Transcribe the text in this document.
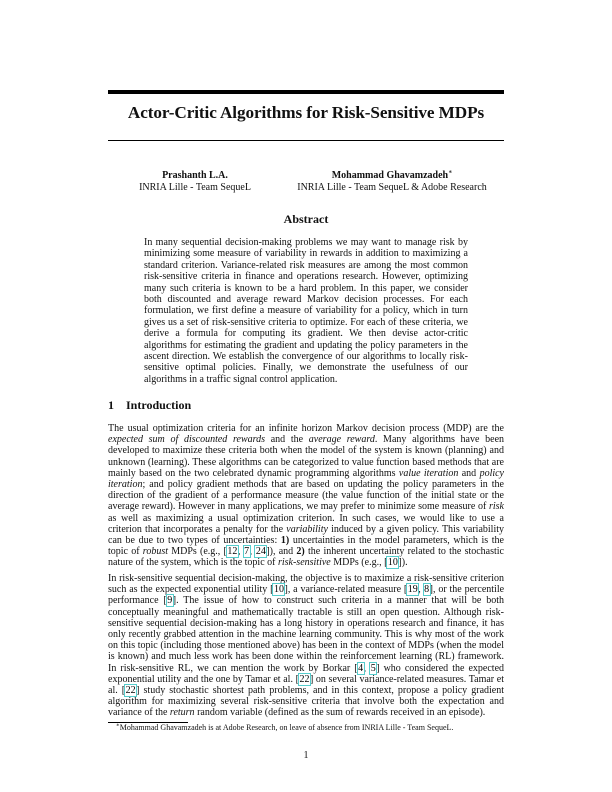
Actor-Critic Algorithms for Risk-Sensitive MDPs
Prashanth L.A.
INRIA Lille - Team SequeL
Mohammad Ghavamzadeh∗
INRIA Lille - Team SequeL & Adobe Research
Abstract

In many sequential decision-making problems we may want to manage risk by minimizing some measure of variability in rewards in addition to maximizing a standard criterion. Variance-related risk measures are among the most common risk-sensitive criteria in finance and operations research. However, optimizing many such criteria is known to be a hard problem. In this paper, we consider both discounted and average reward Markov decision processes. For each formulation, we first define a measure of variability for a policy, which in turn gives us a set of risk-sensitive criteria to optimize. For each of these criteria, we derive a formula for computing its gradient. We then devise actor-critic algorithms for estimating the gradient and updating the policy parameters in the ascent direction. We establish the convergence of our algorithms to locally risk-sensitive optimal policies. Finally, we demonstrate the usefulness of our algorithms in a traffic signal control application.

1 Introduction

The usual optimization criteria for an infinite horizon Markov decision process (MDP) are the expected sum of discounted rewards and the average reward. Many algorithms have been developed to maximize these criteria both when the model of the system is known (planning) and unknown (learning). These algorithms can be categorized to value function based methods that are mainly based on the two celebrated dynamic programming algorithms value iteration and policy iteration; and policy gradient methods that are based on updating the policy parameters in the direction of the gradient of a performance measure (the value function of the initial state or the average reward). However in many applications, we may prefer to minimize some measure of risk as well as maximizing a usual optimization criterion. In such cases, we would like to use a criterion that incorporates a penalty for the variability induced by a given policy. This variability can be due to two types of uncertainties: 1) uncertainties in the model parameters, which is the topic of robust MDPs (e.g., [12, 7, 24]), and 2) the inherent uncertainty related to the stochastic nature of the system, which is the topic of risk-sensitive MDPs (e.g., [10]).

In risk-sensitive sequential decision-making, the objective is to maximize a risk-sensitive criterion such as the expected exponential utility [10], a variance-related measure [19, 8], or the percentile performance [9]. The issue of how to construct such criteria in a manner that will be both conceptually meaningful and mathematically tractable is still an open question. Although risk-sensitive sequential decision-making has a long history in operations research and finance, it has only recently grabbed attention in the machine learning community. This is why most of the work on this topic (including those mentioned above) has been in the context of MDPs (when the model is known) and much less work has been done within the reinforcement learning (RL) framework. In risk-sensitive RL, we can mention the work by Borkar [4, 5] who considered the expected exponential utility and the one by Tamar et al. [22] on several variance-related measures. Tamar et al. [22] study stochastic shortest path problems, and in this context, propose a policy gradient algorithm for maximizing several risk-sensitive criteria that involve both the expectation and variance of the return random variable (defined as the sum of rewards received in an episode).

∗Mohammad Ghavamzadeh is at Adobe Research, on leave of absence from INRIA Lille - Team SequeL.

1
